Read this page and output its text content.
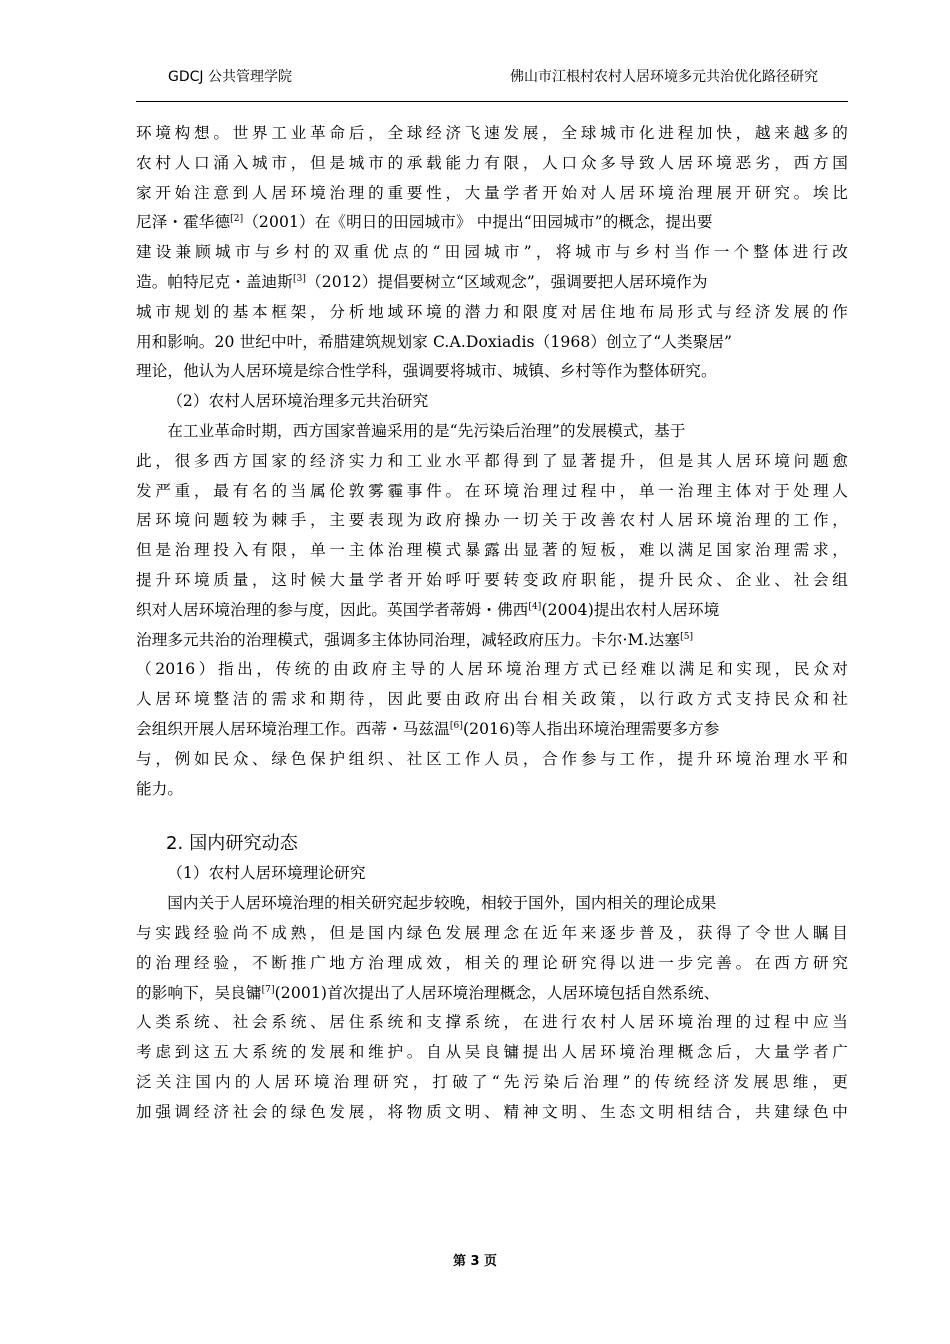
GDCJ 公共管理学院	佛山市江根村农村人居环境多元共治优化路径研究

环境构想。世界工业革命后，全球经济飞速发展，全球城市化进程加快，越来越多的
农村人口涌入城市，但是城市的承载能力有限，人口众多导致人居环境恶劣，西方国
家开始注意到人居环境治理的重要性，大量学者开始对人居环境治理展开研究。埃比
尼泽・霍华德[2]（2001）在《明日的田园城市》 中提出“田园城市”的概念，提出要
建设兼顾城市与乡村的双重优点的“田园城市”，将城市与乡村当作一个整体进行改
造。帕特尼克・盖迪斯[3]（2012）提倡要树立“区域观念”，强调要把人居环境作为
城市规划的基本框架，分析地域环境的潜力和限度对居住地布局形式与经济发展的作
用和影响。20 世纪中叶，希腊建筑规划家 C.A.Doxiadis（1968）创立了“人类聚居”
理论，他认为人居环境是综合性学科，强调要将城市、城镇、乡村等作为整体研究。

（2）农村人居环境治理多元共治研究

在工业革命时期，西方国家普遍采用的是“先污染后治理”的发展模式，基于
此，很多西方国家的经济实力和工业水平都得到了显著提升，但是其人居环境问题愈
发严重，最有名的当属伦敦雾霾事件。在环境治理过程中，单一治理主体对于处理人
居环境问题较为棘手，主要表现为政府操办一切关于改善农村人居环境治理的工作，
但是治理投入有限，单一主体治理模式暴露出显著的短板，难以满足国家治理需求，
提升环境质量，这时候大量学者开始呼吁要转变政府职能，提升民众、企业、社会组
织对人居环境治理的参与度，因此。英国学者蒂姆・佛西[4](2004)提出农村人居环境
治理多元共治的治理模式，强调多主体协同治理，减轻政府压力。卡尔·M.达塞[5]
（2016）指出，传统的由政府主导的人居环境治理方式已经难以满足和实现，民众对
人居环境整洁的需求和期待，因此要由政府出台相关政策，以行政方式支持民众和社
会组织开展人居环境治理工作。西蒂・马兹温[6](2016)等人指出环境治理需要多方参
与，例如民众、绿色保护组织、社区工作人员，合作参与工作，提升环境治理水平和
能力。

2. 国内研究动态

（1）农村人居环境理论研究

国内关于人居环境治理的相关研究起步较晚，相较于国外，国内相关的理论成果
与实践经验尚不成熟，但是国内绿色发展理念在近年来逐步普及，获得了令世人瞩目
的治理经验，不断推广地方治理成效，相关的理论研究得以进一步完善。在西方研究
的影响下，吴良镛[7](2001)首次提出了人居环境治理概念，人居环境包括自然系统、
人类系统、社会系统、居住系统和支撑系统，在进行农村人居环境治理的过程中应当
考虑到这五大系统的发展和维护。自从吴良镛提出人居环境治理概念后，大量学者广
泛关注国内的人居环境治理研究，打破了“先污染后治理”的传统经济发展思维，更
加强调经济社会的绿色发展，将物质文明、精神文明、生态文明相结合，共建绿色中

第 3 页
